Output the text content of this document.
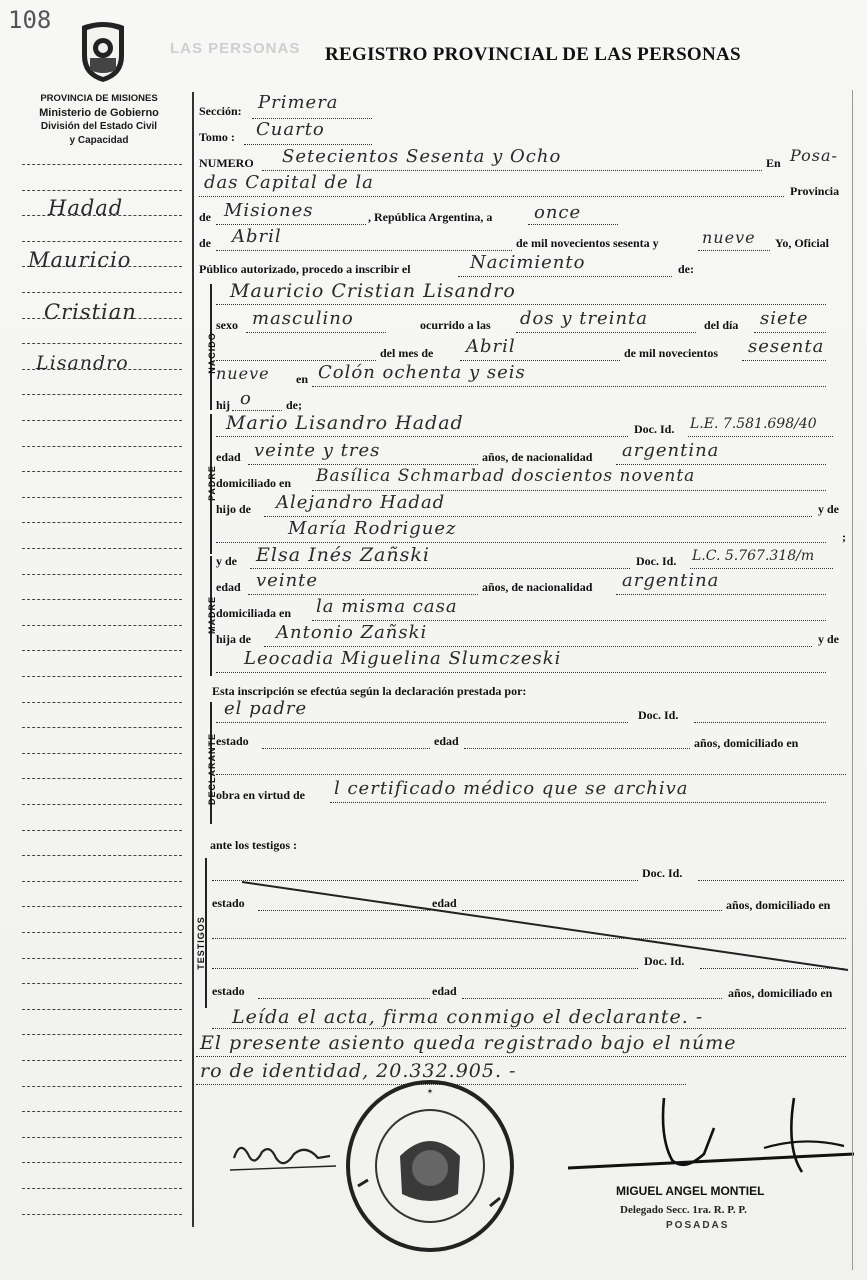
108
LAS PERSONAS REGISTRO PROVINCIAL DE LAS PERSONAS
PROVINCIA DE MISIONES
Ministerio de Gobierno
División del Estado Civil
y Capacidad
Hadad
Mauricio
Cristian
Lisandro
Sección: Primera
Tomo : Cuarto
NUMERO Setecientos Sesenta y Ocho	En Posa-
das Capital de la	Provincia
de Misiones	, República Argentina, a once
de Abril	de mil novecientos sesenta y	nueve Yo, Oficial
Público autorizado, procedo a inscribir el	Nacimiento	de:
NACIDO
Mauricio Cristian Lisandro
sexo masculino	ocurrido a las dos y treinta	del día siete
del mes de Abril	de mil novecientos sesenta
nueve en Colón ochenta y seis
hij o	de;
PADRE
Mario Lisandro Hadad	Doc. Id. L.E. 7.581.698/40
edad veinte y tres	años, de nacionalidad argentina
domiciliado en Basílica Schmarbad doscientos noventa
hijo de Alejandro Hadad	y de
María Rodriguez	;
MADRE
y de Elsa Inés Zañski	Doc. Id. L.C. 5.767.318/m
edad veinte	años, de nacionalidad argentina
domiciliada en la misma casa
hija de Antonio Zañski	y de
Leocadia Miguelina Slumczeski
Esta inscripción se efectúa según la declaración prestada por:
DECLARANTE
el padre	Doc. Id.
estado	edad	años, domiciliado en
obra en virtud de l certificado médico que se archiva
ante los testigos :
TESTIGOS
Doc. Id.
estado	edad	años, domiciliado en
Doc. Id.
estado	edad	años, domiciliado en
Leída el acta, firma conmigo el declarante. -
El presente asiento queda registrado bajo el núme
ro de identidad, 20.332.905. -
✶
MIGUEL ANGEL MONTIEL
Delegado Secc. 1ra. R. P. P.
POSADAS
